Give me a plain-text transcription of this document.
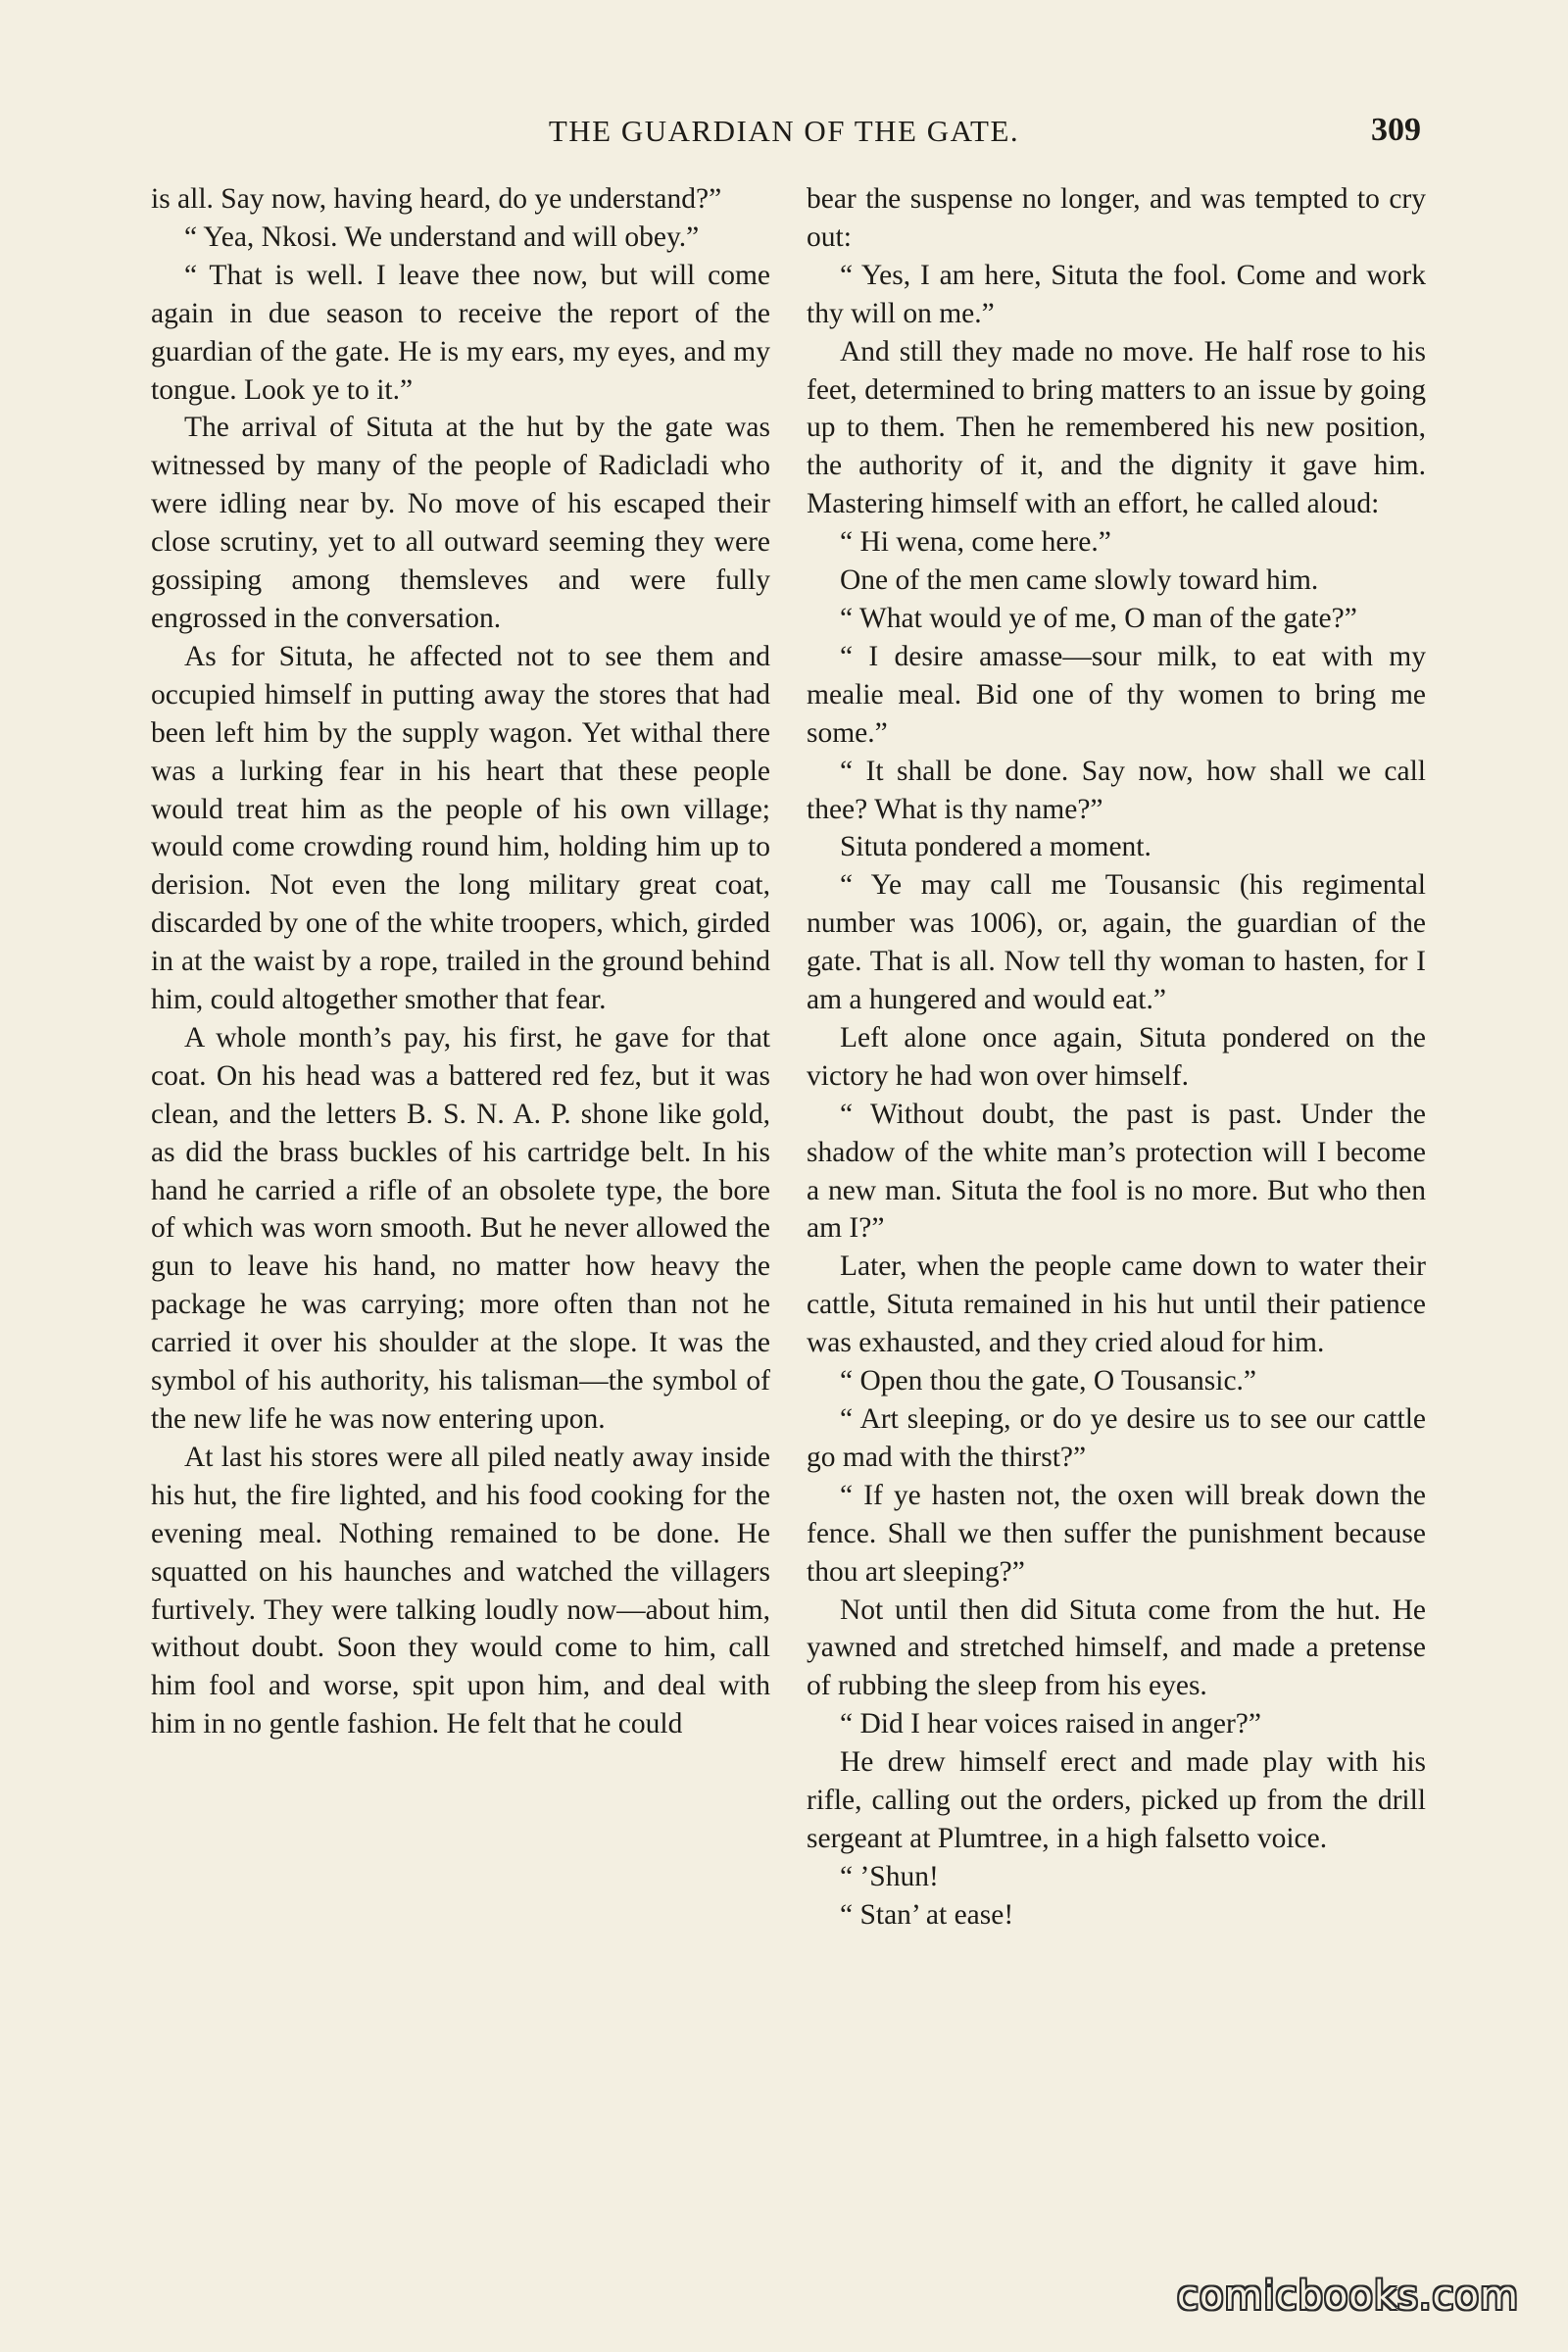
THE GUARDIAN OF THE GATE.	309

is all. Say now, having heard, do ye understand?”

“ Yea, Nkosi. We understand and will obey.”

“ That is well. I leave thee now, but will come again in due season to receive the report of the guardian of the gate. He is my ears, my eyes, and my tongue. Look ye to it.”

The arrival of Situta at the hut by the gate was witnessed by many of the people of Radicladi who were idling near by. No move of his escaped their close scrutiny, yet to all outward seeming they were gossiping among themsleves and were fully engrossed in the conversation.

As for Situta, he affected not to see them and occupied himself in putting away the stores that had been left him by the supply wagon. Yet withal there was a lurking fear in his heart that these people would treat him as the people of his own village; would come crowding round him, holding him up to derision. Not even the long military great coat, discarded by one of the white troopers, which, girded in at the waist by a rope, trailed in the ground behind him, could altogether smother that fear.

A whole month’s pay, his first, he gave for that coat. On his head was a battered red fez, but it was clean, and the letters B. S. N. A. P. shone like gold, as did the brass buckles of his cartridge belt. In his hand he carried a rifle of an obsolete type, the bore of which was worn smooth. But he never allowed the gun to leave his hand, no matter how heavy the package he was carrying; more often than not he carried it over his shoulder at the slope. It was the symbol of his authority, his talisman—the symbol of the new life he was now entering upon.

At last his stores were all piled neatly away inside his hut, the fire lighted, and his food cooking for the evening meal. Nothing remained to be done. He squatted on his haunches and watched the villagers furtively. They were talking loudly now—about him, without doubt. Soon they would come to him, call him fool and worse, spit upon him, and deal with him in no gentle fashion. He felt that he could

bear the suspense no longer, and was tempted to cry out:

“ Yes, I am here, Situta the fool. Come and work thy will on me.”

And still they made no move. He half rose to his feet, determined to bring matters to an issue by going up to them. Then he remembered his new position, the authority of it, and the dignity it gave him. Mastering himself with an effort, he called aloud:

“ Hi wena, come here.”

One of the men came slowly toward him.

“ What would ye of me, O man of the gate?”

“ I desire amasse—sour milk, to eat with my mealie meal. Bid one of thy women to bring me some.”

“ It shall be done. Say now, how shall we call thee? What is thy name?”

Situta pondered a moment.

“ Ye may call me Tousansic (his regimental number was 1006), or, again, the guardian of the gate. That is all. Now tell thy woman to hasten, for I am a hungered and would eat.”

Left alone once again, Situta pondered on the victory he had won over himself.

“ Without doubt, the past is past. Under the shadow of the white man’s protection will I become a new man. Situta the fool is no more. But who then am I?”

Later, when the people came down to water their cattle, Situta remained in his hut until their patience was exhausted, and they cried aloud for him.

“ Open thou the gate, O Tousansic.”

“ Art sleeping, or do ye desire us to see our cattle go mad with the thirst?”

“ If ye hasten not, the oxen will break down the fence. Shall we then suffer the punishment because thou art sleeping?”

Not until then did Situta come from the hut. He yawned and stretched himself, and made a pretense of rubbing the sleep from his eyes.

“ Did I hear voices raised in anger?”

He drew himself erect and made play with his rifle, calling out the orders, picked up from the drill sergeant at Plumtree, in a high falsetto voice.

“ ’Shun!

“ Stan’ at ease!

comicbooks.com
